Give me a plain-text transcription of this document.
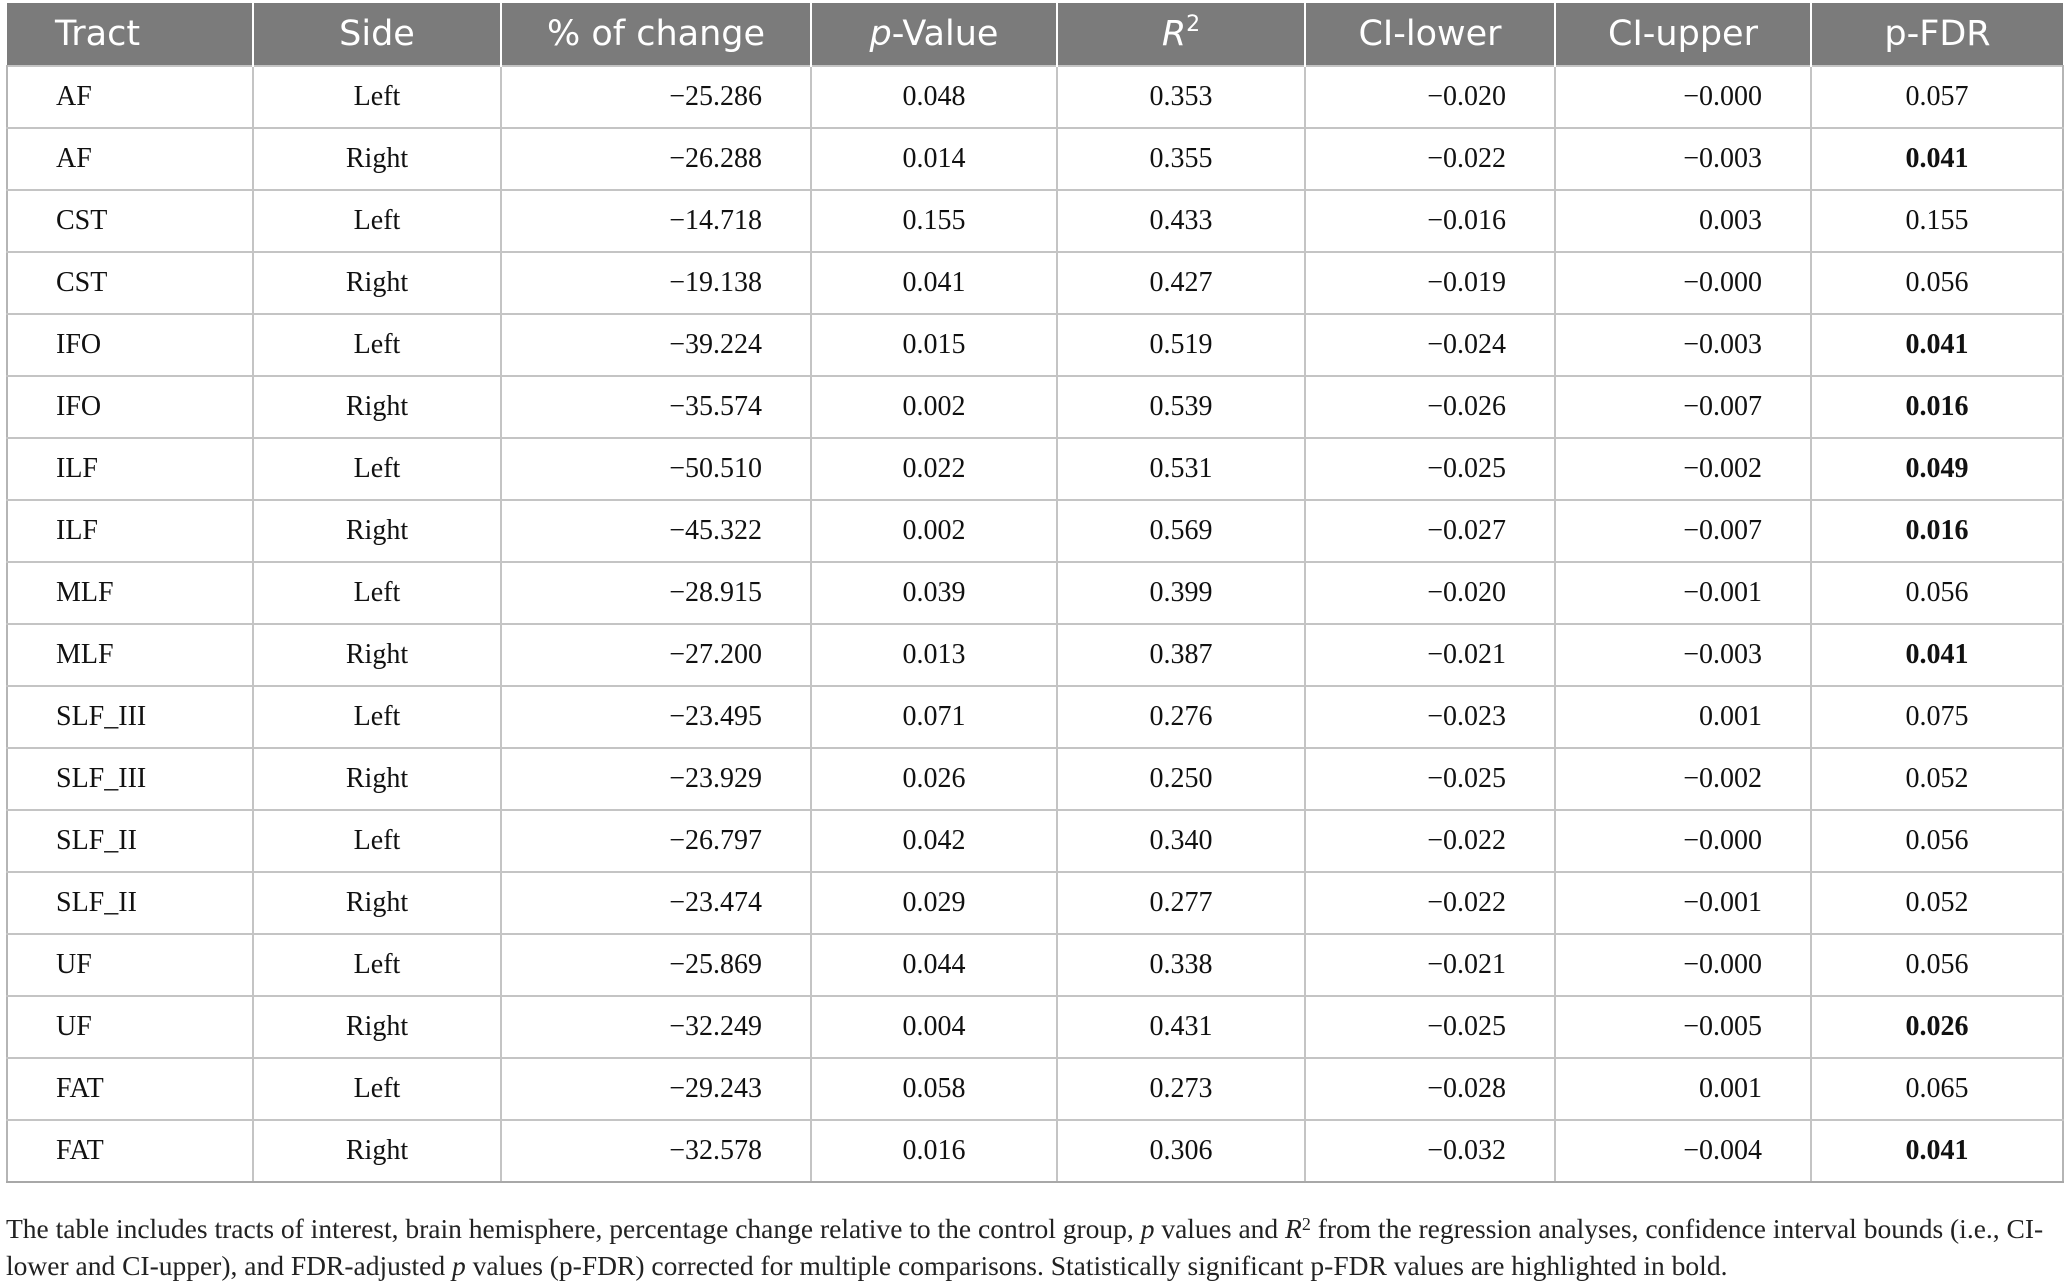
Tract	Side	% of change	p-Value	$R^2$	CI-lower	CI-upper	p-FDR
AF	Left	−25.286	0.048	0.353	−0.020	−0.000	0.057
AF	Right	−26.288	0.014	0.355	−0.022	−0.003	0.041
CST	Left	−14.718	0.155	0.433	−0.016	0.003	0.155
CST	Right	−19.138	0.041	0.427	−0.019	−0.000	0.056
IFO	Left	−39.224	0.015	0.519	−0.024	−0.003	0.041
IFO	Right	−35.574	0.002	0.539	−0.026	−0.007	0.016
ILF	Left	−50.510	0.022	0.531	−0.025	−0.002	0.049
ILF	Right	−45.322	0.002	0.569	−0.027	−0.007	0.016
MLF	Left	−28.915	0.039	0.399	−0.020	−0.001	0.056
MLF	Right	−27.200	0.013	0.387	−0.021	−0.003	0.041
SLF_III	Left	−23.495	0.071	0.276	−0.023	0.001	0.075
SLF_III	Right	−23.929	0.026	0.250	−0.025	−0.002	0.052
SLF_II	Left	−26.797	0.042	0.340	−0.022	−0.000	0.056
SLF_II	Right	−23.474	0.029	0.277	−0.022	−0.001	0.052
UF	Left	−25.869	0.044	0.338	−0.021	−0.000	0.056
UF	Right	−32.249	0.004	0.431	−0.025	−0.005	0.026
FAT	Left	−29.243	0.058	0.273	−0.028	0.001	0.065
FAT	Right	−32.578	0.016	0.306	−0.032	−0.004	0.041
The table includes tracts of interest, brain hemisphere, percentage change relative to the control group, p values and $R^2$ from the regression analyses, confidence interval bounds (i.e., CI-lower and CI-upper), and FDR-adjusted p values (p-FDR) corrected for multiple comparisons. Statistically significant p-FDR values are highlighted in bold.
